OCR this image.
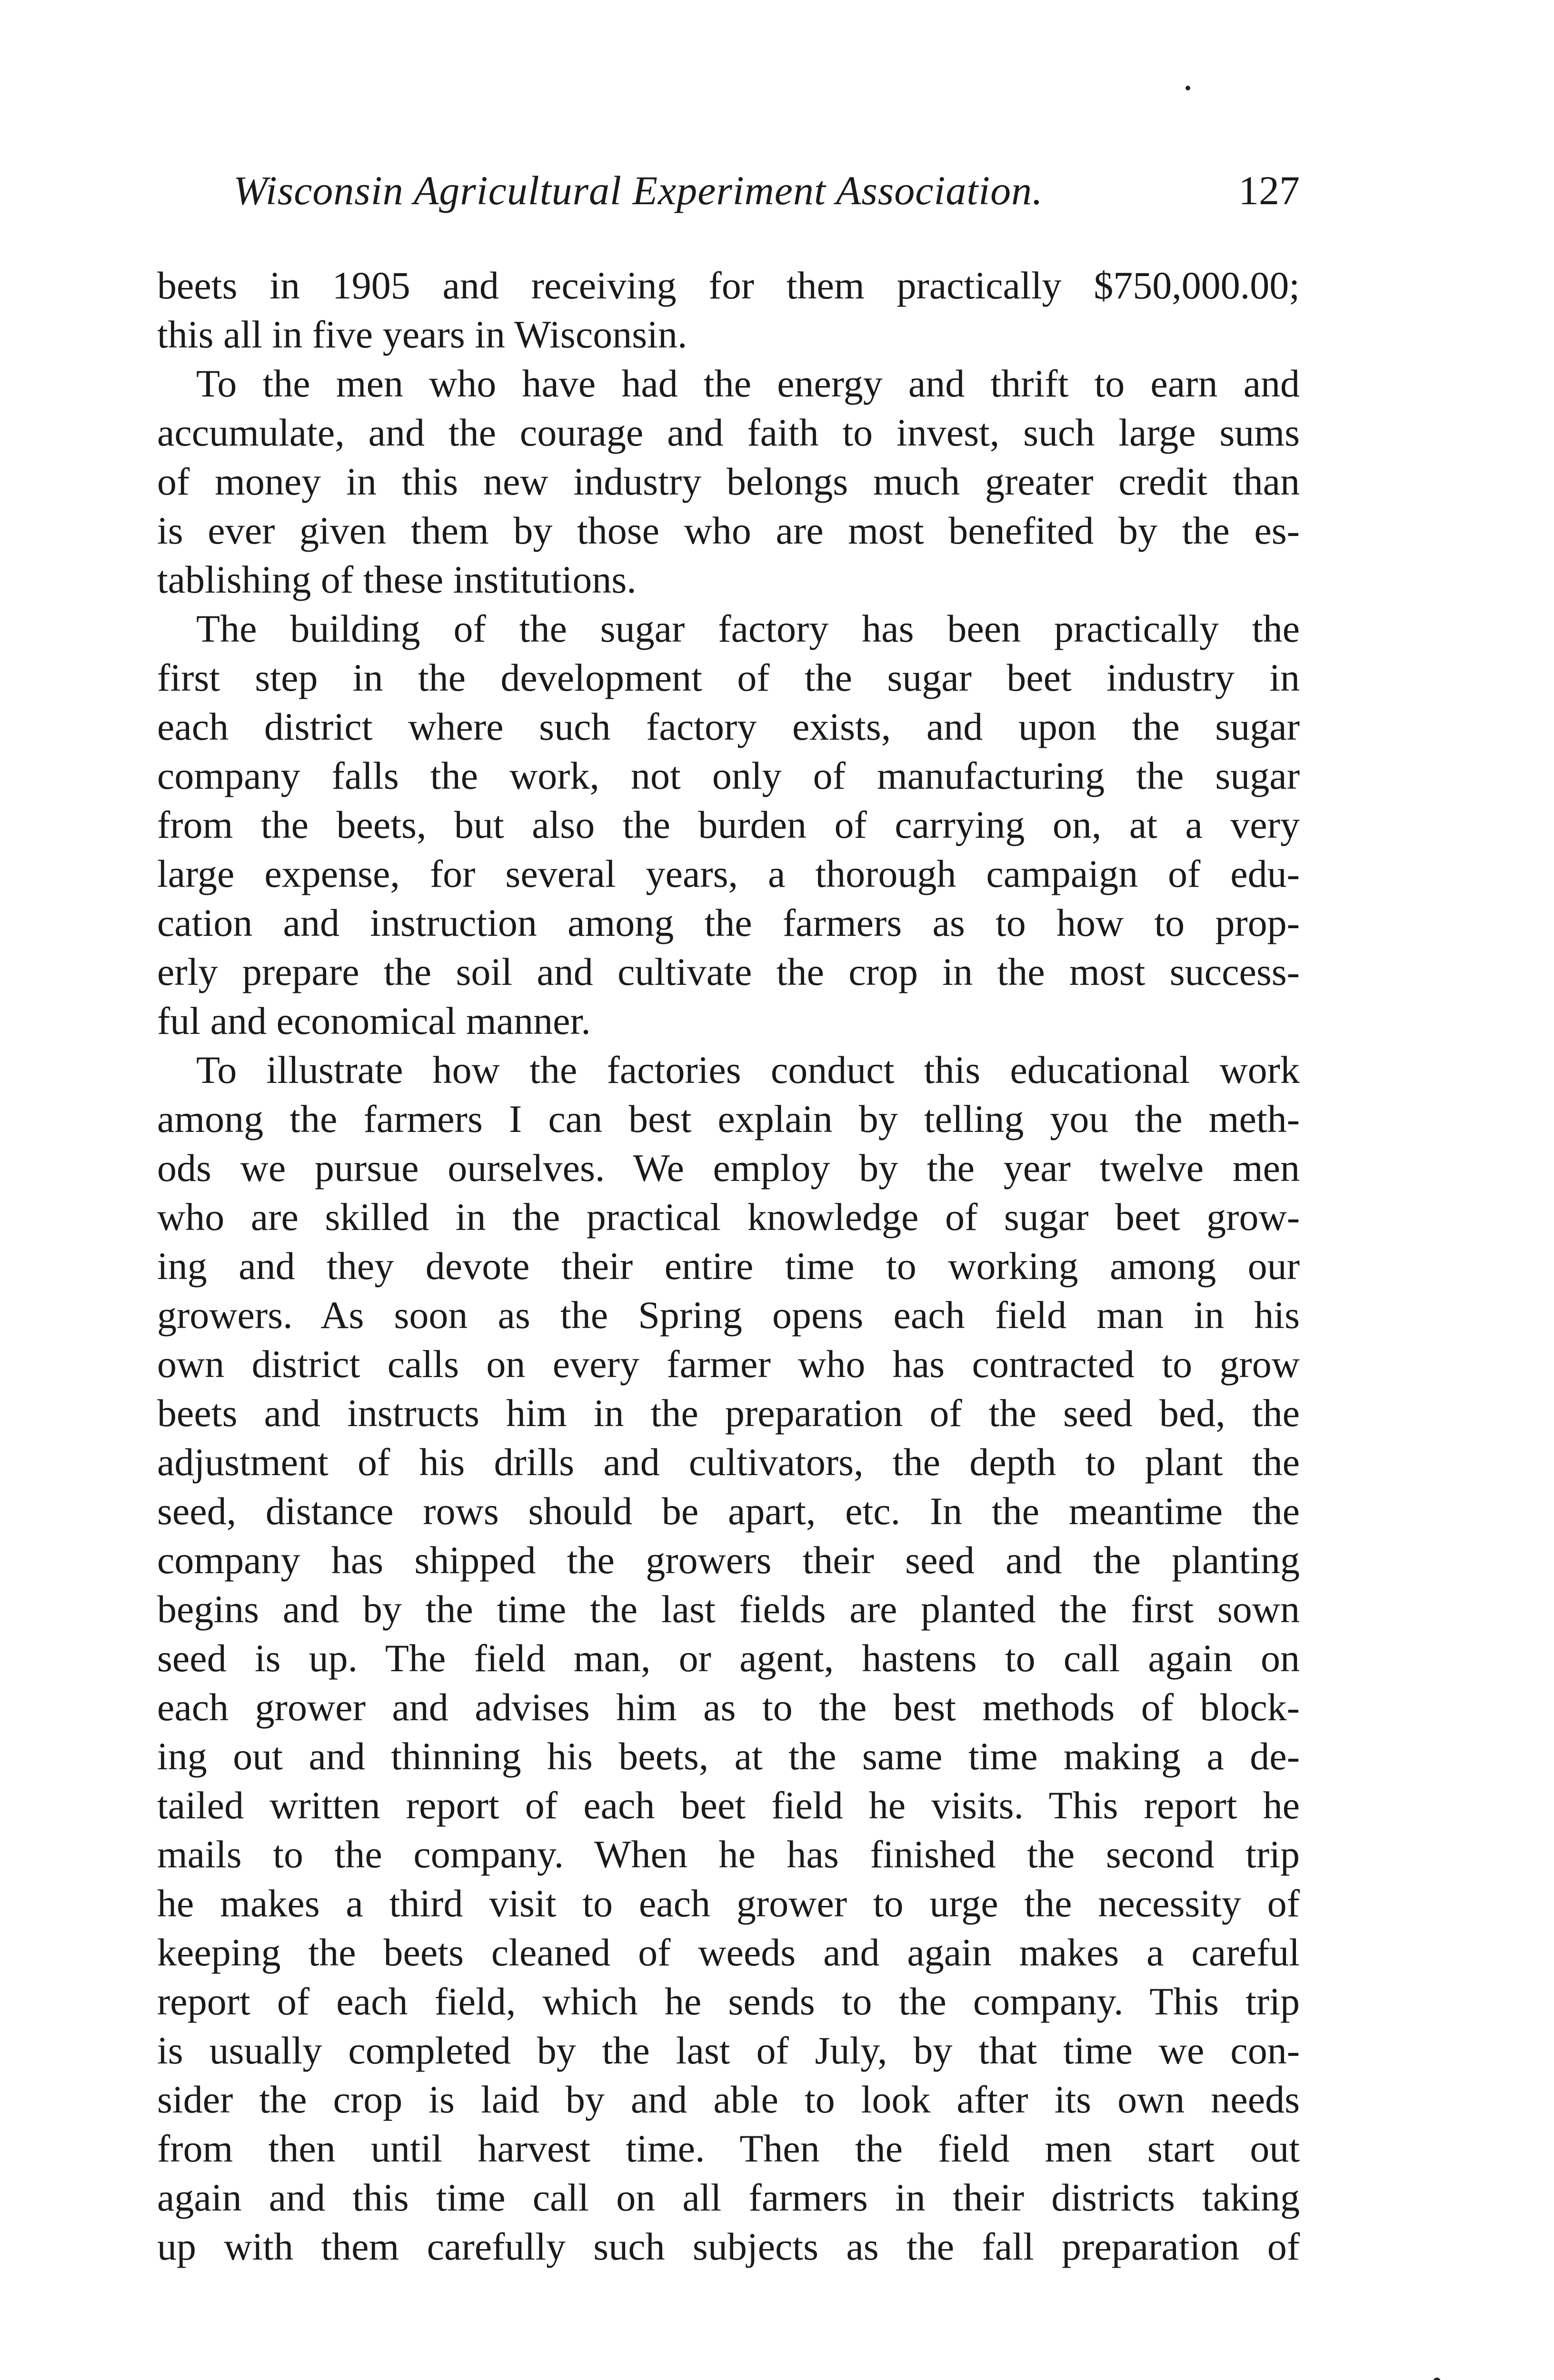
Wisconsin Agricultural Experiment Association.	127
beets in 1905 and receiving for them practically $750,000.00;
this all in five years in Wisconsin.
To the men who have had the energy and thrift to earn and
accumulate, and the courage and faith to invest, such large sums
of money in this new industry belongs much greater credit than
is ever given them by those who are most benefited by the es-
tablishing of these institutions.
The building of the sugar factory has been practically the
first step in the development of the sugar beet industry in
each district where such factory exists, and upon the sugar
company falls the work, not only of manufacturing the sugar
from the beets, but also the burden of carrying on, at a very
large expense, for several years, a thorough campaign of edu-
cation and instruction among the farmers as to how to prop-
erly prepare the soil and cultivate the crop in the most success-
ful and economical manner.
To illustrate how the factories conduct this educational work
among the farmers I can best explain by telling you the meth-
ods we pursue ourselves. We employ by the year twelve men
who are skilled in the practical knowledge of sugar beet grow-
ing and they devote their entire time to working among our
growers. As soon as the Spring opens each field man in his
own district calls on every farmer who has contracted to grow
beets and instructs him in the preparation of the seed bed, the
adjustment of his drills and cultivators, the depth to plant the
seed, distance rows should be apart, etc. In the meantime the
company has shipped the growers their seed and the planting
begins and by the time the last fields are planted the first sown
seed is up. The field man, or agent, hastens to call again on
each grower and advises him as to the best methods of block-
ing out and thinning his beets, at the same time making a de-
tailed written report of each beet field he visits. This report he
mails to the company. When he has finished the second trip
he makes a third visit to each grower to urge the necessity of
keeping the beets cleaned of weeds and again makes a careful
report of each field, which he sends to the company. This trip
is usually completed by the last of July, by that time we con-
sider the crop is laid by and able to look after its own needs
from then until harvest time. Then the field men start out
again and this time call on all farmers in their districts taking
up with them carefully such subjects as the fall preparation of
